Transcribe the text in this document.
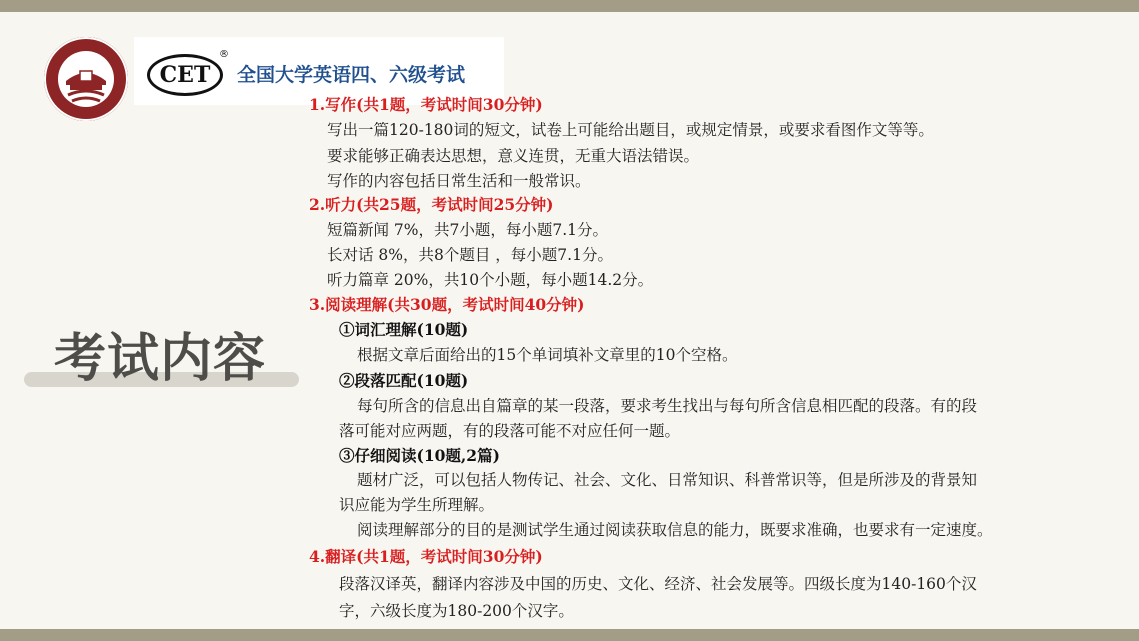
CET
®
全国大学英语四、六级考试
考试内容
1.写作(共1题，考试时间30分钟)
写出一篇120-180词的短文，试卷上可能给出题目，或规定情景，或要求看图作文等等。
要求能够正确表达思想，意义连贯，无重大语法错误。
写作的内容包括日常生活和一般常识。
2.听力(共25题，考试时间25分钟)
短篇新闻 7%，共7小题，每小题7.1分。
长对话 8%，共8个题目 ，每小题7.1分。
听力篇章 20%，共10个小题，每小题14.2分。
3.阅读理解(共30题，考试时间40分钟)
①词汇理解(10题)
根据文章后面给出的15个单词填补文章里的10个空格。
②段落匹配(10题)
每句所含的信息出自篇章的某一段落，要求考生找出与每句所含信息相匹配的段落。有的段
落可能对应两题，有的段落可能不对应任何一题。
③仔细阅读(10题,2篇)
题材广泛，可以包括人物传记、社会、文化、日常知识、科普常识等，但是所涉及的背景知
识应能为学生所理解。
阅读理解部分的目的是测试学生通过阅读获取信息的能力，既要求准确，也要求有一定速度。
4.翻译(共1题，考试时间30分钟)
段落汉译英，翻译内容涉及中国的历史、文化、经济、社会发展等。四级长度为140-160个汉
字，六级长度为180-200个汉字。
